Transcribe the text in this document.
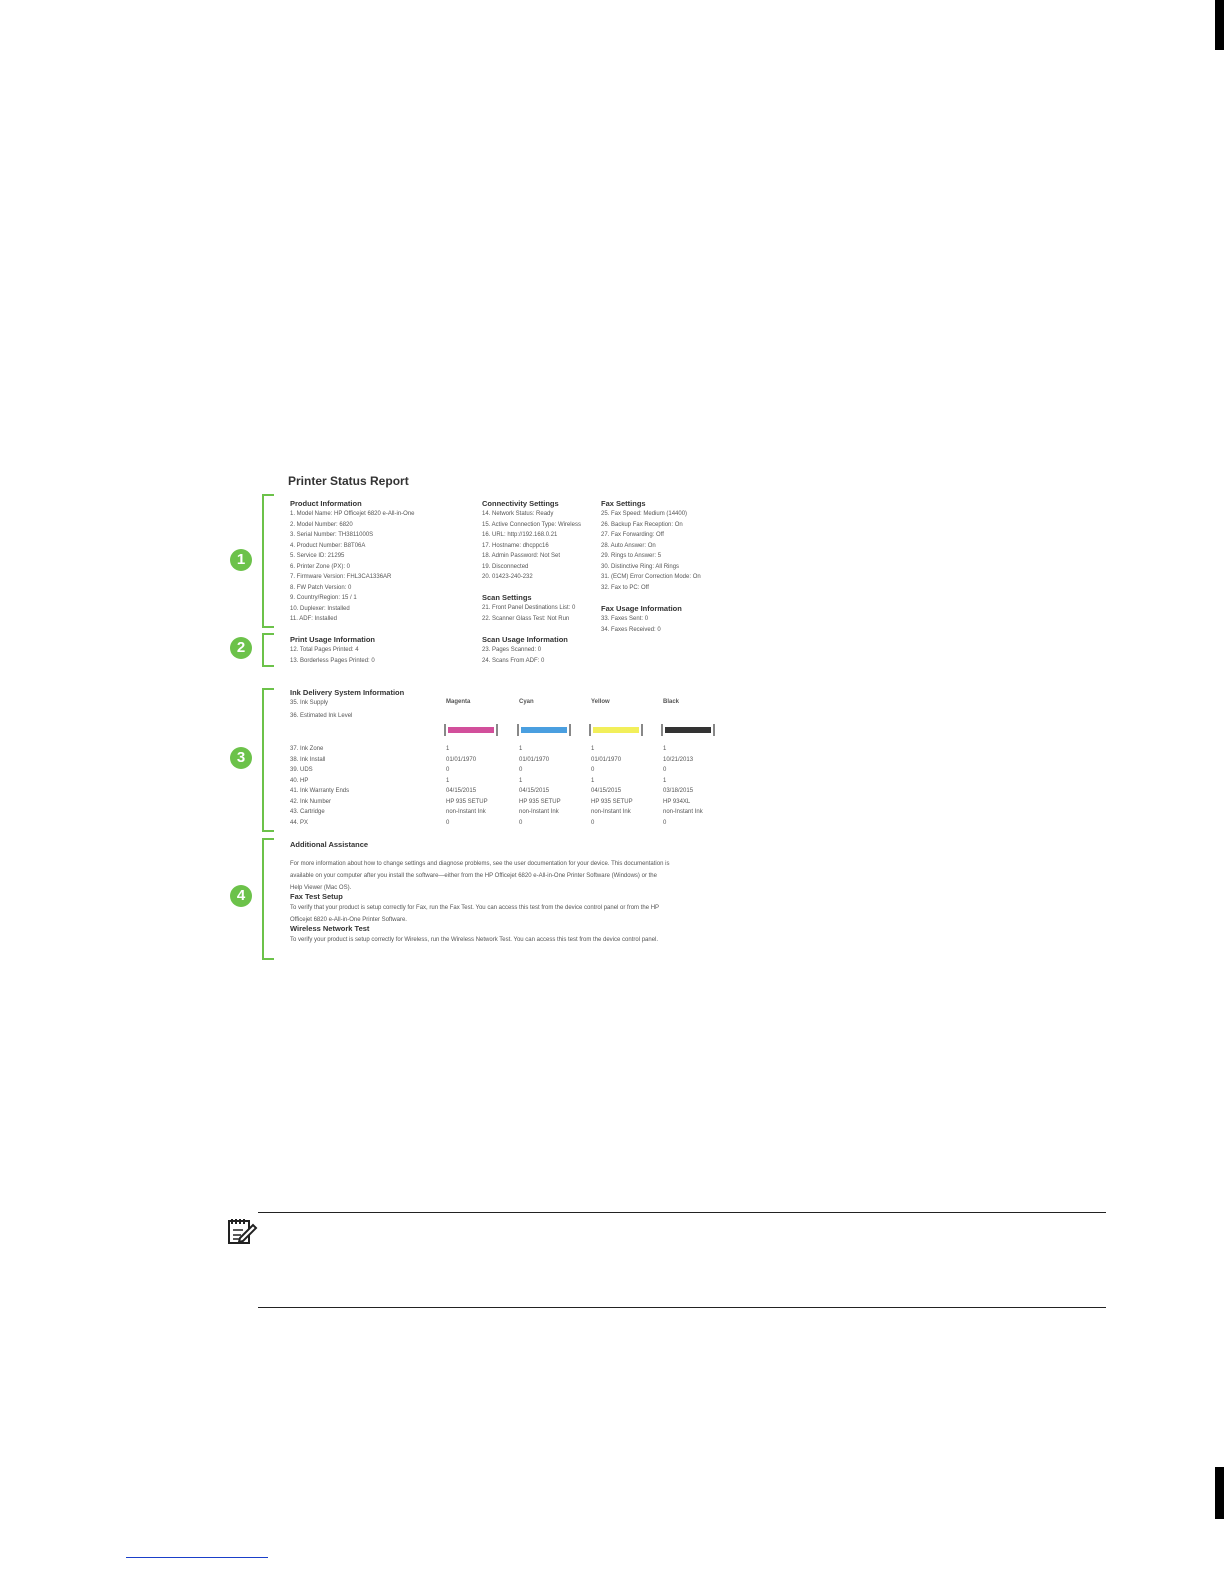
Printer Status Report
1
2
3
4
Product Information
1. Model Name: HP Officejet 6820 e-All-in-One
2. Model Number: 6820
3. Serial Number: TH3811000S
4. Product Number: B8T06A
5. Service ID: 21295
6. Printer Zone (PX): 0
7. Firmware Version: FHL3CA1336AR
8. FW Patch Version: 0
9. Country/Region: 15 / 1
10. Duplexer: Installed
11. ADF: Installed
Connectivity Settings
14. Network Status: Ready
15. Active Connection Type: Wireless
16. URL: http://192.168.0.21
17. Hostname: dhcppc16
18. Admin Password: Not Set
19. Disconnected
20. 01423-240-232
Scan Settings
21. Front Panel Destinations List: 0
22. Scanner Glass Test: Not Run
Fax Settings
25. Fax Speed: Medium (14400)
26. Backup Fax Reception: On
27. Fax Forwarding: Off
28. Auto Answer: On
29. Rings to Answer: 5
30. Distinctive Ring: All Rings
31. (ECM) Error Correction Mode: On
32. Fax to PC: Off
Fax Usage Information
33. Faxes Sent: 0
34. Faxes Received: 0
Print Usage Information
12. Total Pages Printed: 4
13. Borderless Pages Printed: 0
Scan Usage Information
23. Pages Scanned: 0
24. Scans From ADF: 0
Ink Delivery System Information
35. Ink Supply
36. Estimated Ink Level
Magenta	Cyan	Yellow	Black
37. Ink Zone	1	1	1	1
38. Ink Install	01/01/1970	01/01/1970	01/01/1970	10/21/2013
39. UDS	0	0	0	0
40. HP	1	1	1	1
41. Ink Warranty Ends	04/15/2015	04/15/2015	04/15/2015	03/18/2015
42. Ink Number	HP 935 SETUP	HP 935 SETUP	HP 935 SETUP	HP 934XL
43. Cartridge	non-Instant Ink	non-Instant Ink	non-Instant Ink	non-Instant Ink
44. PX	0	0	0	0
Additional Assistance
For more information about how to change settings and diagnose problems, see the user documentation for your device. This documentation is available on your computer after you install the software—either from the HP Officejet 6820 e-All-in-One Printer Software (Windows) or the Help Viewer (Mac OS).
Fax Test Setup
To verify that your product is setup correctly for Fax, run the Fax Test. You can access this test from the device control panel or from the HP Officejet 6820 e-All-in-One Printer Software.
Wireless Network Test
To verify your product is setup correctly for Wireless, run the Wireless Network Test. You can access this test from the device control panel.
